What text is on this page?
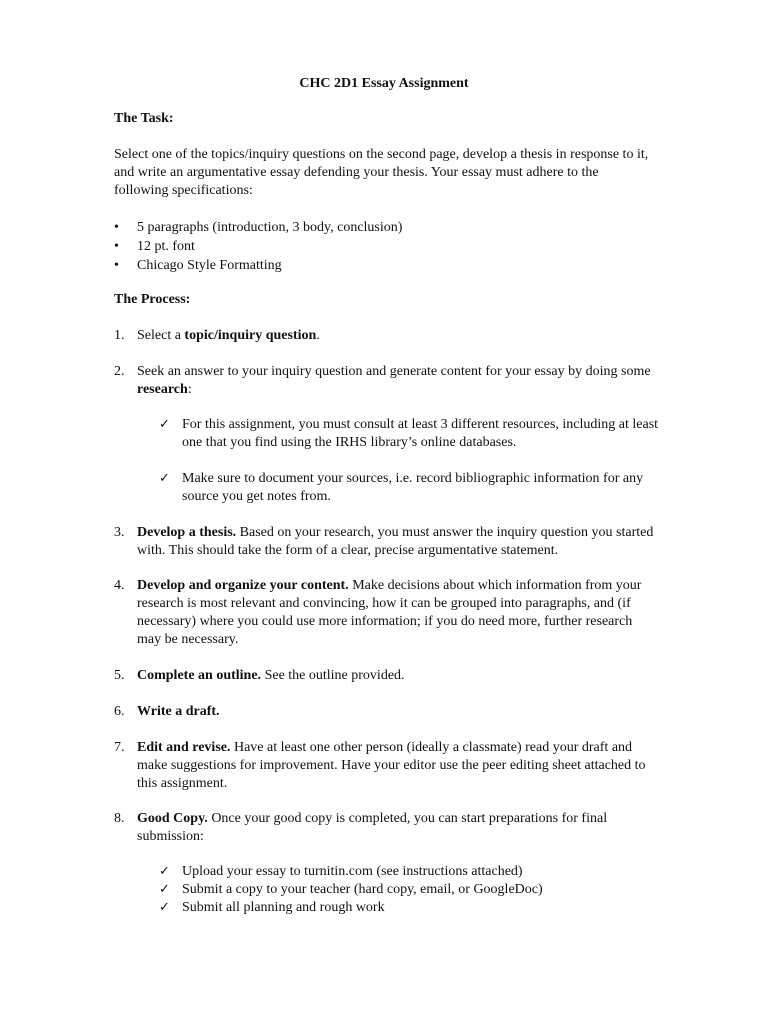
CHC 2D1 Essay Assignment
The Task:

Select one of the topics/inquiry questions on the second page, develop a thesis in response to it, and write an argumentative essay defending your thesis. Your essay must adhere to the following specifications:

• 5 paragraphs (introduction, 3 body, conclusion)
• 12 pt. font
• Chicago Style Formatting
The Process:
1. Select a topic/inquiry question.
2. Seek an answer to your inquiry question and generate content for your essay by doing some research:
✓ For this assignment, you must consult at least 3 different resources, including at least one that you find using the IRHS library’s online databases.
✓ Make sure to document your sources, i.e. record bibliographic information for any source you get notes from.
3. Develop a thesis. Based on your research, you must answer the inquiry question you started with. This should take the form of a clear, precise argumentative statement.
4. Develop and organize your content. Make decisions about which information from your research is most relevant and convincing, how it can be grouped into paragraphs, and (if necessary) where you could use more information; if you do need more, further research may be necessary.
5. Complete an outline. See the outline provided.
6. Write a draft.
7. Edit and revise. Have at least one other person (ideally a classmate) read your draft and make suggestions for improvement. Have your editor use the peer editing sheet attached to this assignment.
8. Good Copy. Once your good copy is completed, you can start preparations for final submission:
✓ Upload your essay to turnitin.com (see instructions attached)
✓ Submit a copy to your teacher (hard copy, email, or GoogleDoc)
✓ Submit all planning and rough work
